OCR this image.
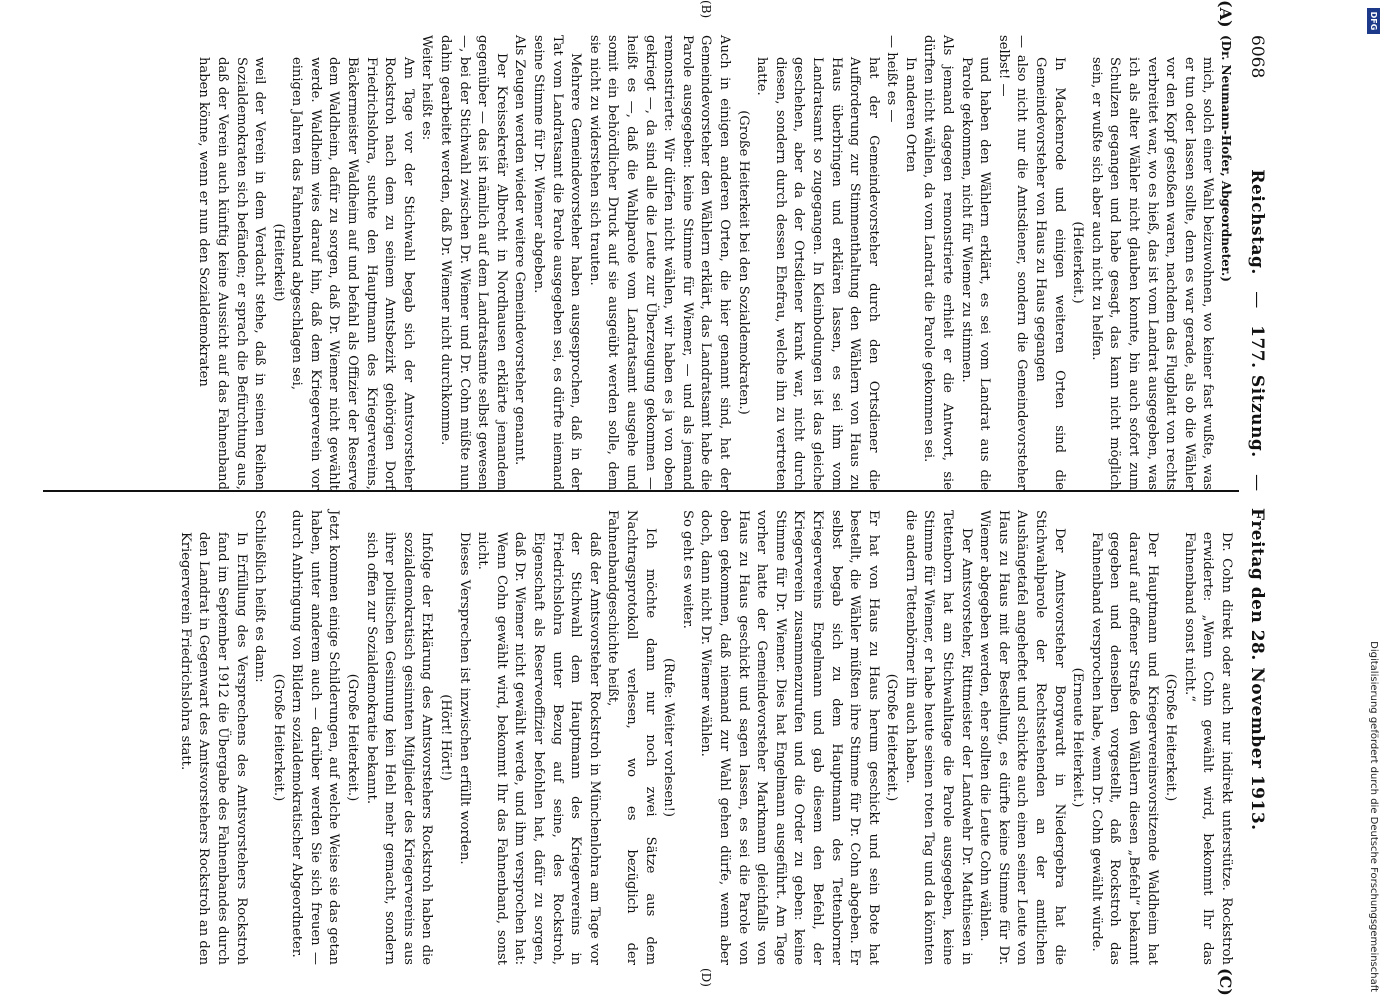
6068
Reichstag. — 177. Sitzung. — Freitag den 28. November 1913.
(A)
(B)
(C)
(D)
(Dr. Neumann-Hofer, Abgeordneter.)

mich, solch einer Wahl beizuwohnen, wo keiner fast wußte, was er tun oder lassen sollte, denn es war gerade, als ob die Wähler vor den Kopf gestoßen waren, nachdem das Flugblatt von rechts verbreitet war, wo es hieß, das ist vom Landrat ausgegeben, was ich als alter Wähler nicht glauben konnte, bin auch sofort zum Schulzen gegangen und habe gesagt, das kann nicht möglich sein, er wußte sich aber auch nicht zu helfen.

(Heiterkeit.)

In Mackenrode und einigen weiteren Orten sind die Gemeindevorsteher von Haus zu Haus gegangen

— also nicht nur die Amtsdiener, sondern die Gemeindevorsteher selbst! —

und haben den Wählern erklärt, es sei vom Landrat aus die Parole gekommen, nicht für Wiemer zu stimmen.

Als jemand dagegen remonstrierte erhielt er die Antwort, sie dürften nicht wählen, da vom Landrat die Parole gekommen sei.

In anderen Orten

— heißt es —

hat der Gemeindevorsteher durch den Ortsdiener die Aufforderung zur Stimmenthaltung den Wählern von Haus zu Haus überbringen und erklären lassen, es sei ihm vom Landratsamt so zugegangen. In Kleinbodungen ist das gleiche geschehen, aber da der Ortsdiener krank war, nicht durch diesen, sondern durch dessen Ehefrau, welche ihn zu vertreten hatte.

(Große Heiterkeit bei den Sozialdemokraten.)

Auch in einigen anderen Orten, die hier genannt sind, hat der Gemeindevorsteher den Wählern erklärt, das Landratsamt habe die Parole ausgegeben: keine Stimme für Wiemer, — und als jemand remonstrierte: Wir dürfen nicht wählen, wir haben es ja von oben gekriegt —, da sind alle die Leute zur Überzeugung gekommen — heißt es —, daß die Wahlparole vom Landratsamt ausgehe und somit ein behördlicher Druck auf sie ausgeübt werden solle, dem sie nicht zu widerstehen sich trauten.

Mehrere Gemeindevorsteher haben ausgesprochen, daß in der Tat vom Landratsamt die Parole ausgegeben sei, es dürfte niemand seine Stimme für Dr. Wiemer abgeben.

Als Zeugen werden wieder weitere Gemeindevorsteher genannt.

Der Kreissekretär Albrecht in Nordhausen erklärte jemandem gegenüber — das ist nämlich auf dem Landratsamte selbst gewesen —, bei der Stichwahl zwischen Dr. Wiemer und Dr. Cohn müßte nun dahin gearbeitet werden, daß Dr. Wiemer nicht durchkomme.

Weiter heißt es:

Am Tage vor der Stichwahl begab sich der Amtsvorsteher Rockstroh nach dem zu seinem Amtsbezirk gehörigen Dorf Friedrichslohra, suchte den Hauptmann des Kriegervereins, Bäckermeister Waldheim auf und befahl als Offizier der Reserve dem Waldheim, dafür zu sorgen, daß Dr. Wiemer nicht gewählt werde. Waldheim wies darauf hin, daß dem Kriegerverein vor einigen Jahren das Fahnenband abgeschlagen sei,

(Heiterkeit)

weil der Verein in dem Verdacht stehe, daß in seinen Reihen Sozialdemokraten sich befänden; er sprach die Befürchtung aus, daß der Verein auch künftig keine Aussicht auf das Fahnenband haben könne, wenn er nun den Sozialdemokraten

Dr. Cohn direkt oder auch nur indirekt unterstütze. Rockstroh erwiderte: „Wenn Cohn gewählt wird, bekommt Ihr das Fahnenband sonst nicht.“

(Große Heiterkeit.)

Der Hauptmann und Kriegervereinsvorsitzende Waldheim hat darauf auf offener Straße den Wählern diesen „Befehl“ bekannt gegeben und denselben vorgestellt, daß Rockstroh das Fahnenband versprochen habe, wenn Dr. Cohn gewählt würde.

(Erneute Heiterkeit.)

Der Amtsvorsteher Borgwardt in Niedergebra hat die Stichwahlparole der Rechtsstehenden an der amtlichen Aushängetafel angeheftet und schickte auch einen seiner Leute von Haus zu Haus mit der Bestellung, es dürfte keine Stimme für Dr. Wiemer abgegeben werden, eher sollten die Leute Cohn wählen.

Der Amtsvorsteher, Rittmeister der Landwehr Dr. Matthiesen in Tettenborn hat am Stichwahltage die Parole ausgegeben, keine Stimme für Wiemer, er habe heute seinen roten Tag und da könnten die andern Tettenbörner ihn auch haben.

(Große Heiterkeit.)

Er hat von Haus zu Haus herum geschickt und sein Bote hat bestellt, die Wähler müßten ihre Stimme für Dr. Cohn abgeben. Er selbst begab sich zu dem Hauptmann des Tettenborner Kriegervereins Engelmann und gab diesem den Befehl, der Kriegerverein zusammenzurufen und die Order zu geben: keine Stimme für Dr. Wiemer. Dies hat Engelmann ausgeführt. Am Tage vorher hatte der Gemeindevorsteher Markmann gleichfalls von Haus zu Haus geschickt und sagen lassen, es sei die Parole von oben gekommen, daß niemand zur Wahl gehen dürfe, wenn aber doch, dann nicht Dr. Wiemer wählen.

So geht es weiter.

(Rufe: Weiter vorlesen!)

Ich möchte dann nur noch zwei Sätze aus dem Nachtragsprotokoll verlesen, wo es bezüglich der Fahnenbandgeschichte heißt,

daß der Amtsvorsteher Rockstroh in Münchenlohra am Tage vor der Stichwahl dem Hauptmann des Kriegervereins in Friedrichslohra unter Bezug auf seine, des Rockstroh, Eigenschaft als Reserveoffizier befohlen hat, dafür zu sorgen, daß Dr. Wiemer nicht gewählt werde, und ihm versprochen hat: Wenn Cohn gewählt wird, bekommt Ihr das Fahnenband, sonst nicht.

Dieses Versprechen ist inzwischen erfüllt worden.

(Hört! Hört!)

Infolge der Erklärung des Amtsvorstehers Rockstroh haben die sozialdemokratisch gesinnten Mitglieder des Kriegervereins aus ihrer politischen Gesinnung kein Hehl mehr gemacht, sondern sich offen zur Sozialdemokratie bekannt.

(Große Heiterkeit.)

Jetzt kommen einige Schilderungen, auf welche Weise sie das getan haben, unter anderem auch — darüber werden Sie sich freuen — durch Anbringung von Bildern sozialdemokratischer Abgeordneter.

(Große Heiterkeit.)

Schließlich heißt es dann:

In Erfüllung des Versprechens des Amtsvorstehers Rockstroh fand im September 1912 die Übergabe des Fahnenbandes durch den Landrat in Gegenwart des Amtsvorstehers Rockstroh an den Kriegerverein Friedrichslohra statt.	Digitalisierung gefördert durch die Deutsche Forschungsgemeinschaft
DFG
